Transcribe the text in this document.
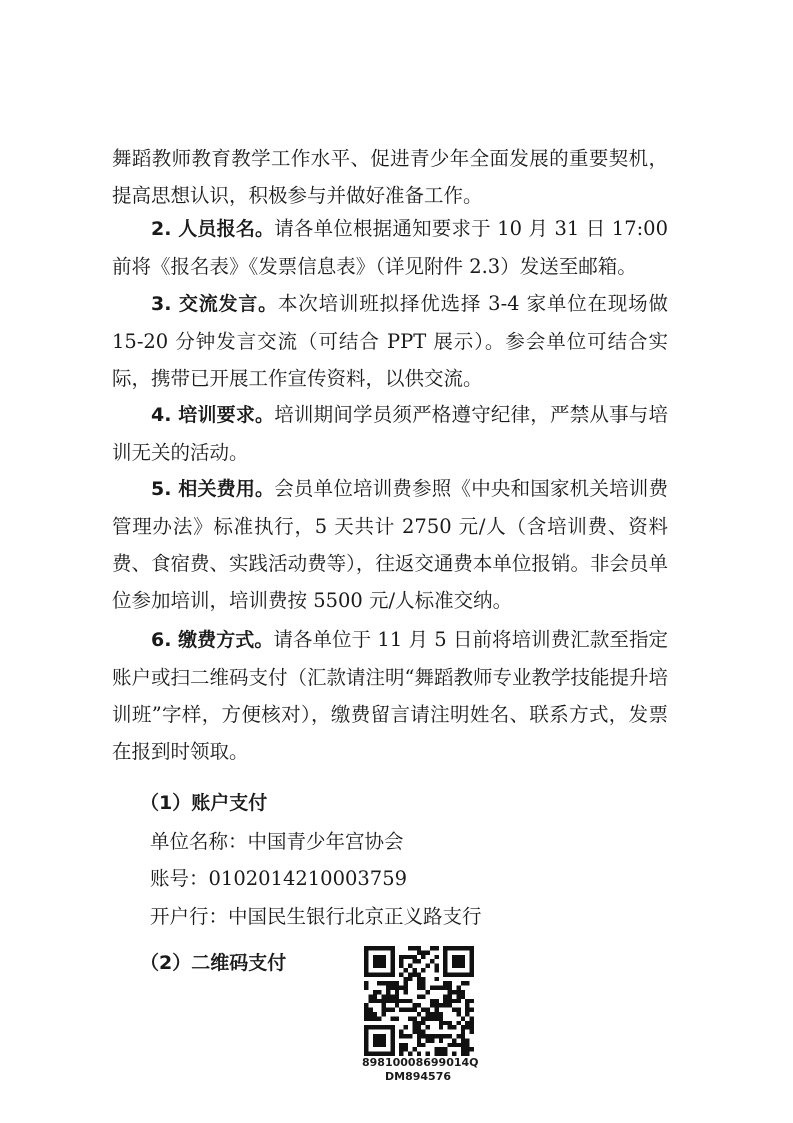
舞蹈教师教育教学工作水平、促进青少年全面发展的重要契机，提高思想认识，积极参与并做好准备工作。

2. 人员报名。请各单位根据通知要求于 10 月 31 日 17:00 前将《报名表》《发票信息表》（详见附件 2.3）发送至邮箱。

3. 交流发言。本次培训班拟择优选择 3-4 家单位在现场做 15-20 分钟发言交流（可结合 PPT 展示）。参会单位可结合实际，携带已开展工作宣传资料，以供交流。

4. 培训要求。培训期间学员须严格遵守纪律，严禁从事与培训无关的活动。

5. 相关费用。会员单位培训费参照《中央和国家机关培训费管理办法》标准执行，5 天共计 2750 元/人（含培训费、资料费、食宿费、实践活动费等），往返交通费本单位报销。非会员单位参加培训，培训费按 5500 元/人标准交纳。

6. 缴费方式。请各单位于 11 月 5 日前将培训费汇款至指定账户或扫二维码支付（汇款请注明“舞蹈教师专业教学技能提升培训班”字样，方便核对），缴费留言请注明姓名、联系方式，发票在报到时领取。

（1）账户支付

单位名称：中国青少年宫协会

账号：0102014210003759

开户行：中国民生银行北京正义路支行

（2）二维码支付

89810008699014Q

DM894576
